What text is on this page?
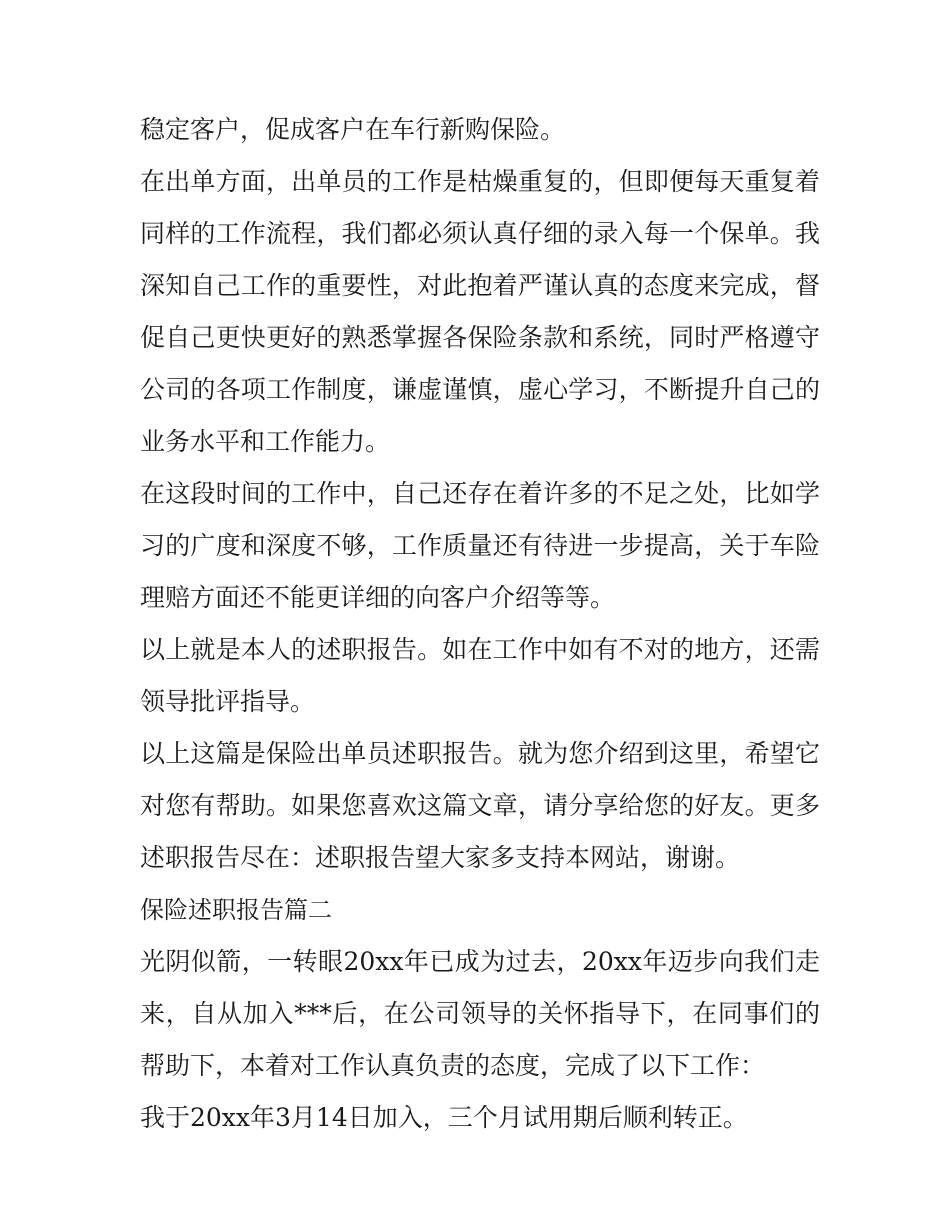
稳定客户，促成客户在车行新购保险。

在出单方面，出单员的工作是枯燥重复的，但即便每天重复着同样的工作流程，我们都必须认真仔细的录入每一个保单。我深知自己工作的重要性，对此抱着严谨认真的态度来完成，督促自己更快更好的熟悉掌握各保险条款和系统，同时严格遵守公司的各项工作制度，谦虚谨慎，虚心学习，不断提升自己的业务水平和工作能力。

在这段时间的工作中，自己还存在着许多的不足之处，比如学习的广度和深度不够，工作质量还有待进一步提高，关于车险理赔方面还不能更详细的向客户介绍等等。

以上就是本人的述职报告。如在工作中如有不对的地方，还需领导批评指导。

以上这篇是保险出单员述职报告。就为您介绍到这里，希望它对您有帮助。如果您喜欢这篇文章，请分享给您的好友。更多述职报告尽在：述职报告望大家多支持本网站，谢谢。

保险述职报告篇二

光阴似箭，一转眼20xx年已成为过去，20xx年迈步向我们走来，自从加入***后，在公司领导的关怀指导下，在同事们的帮助下，本着对工作认真负责的态度，完成了以下工作：

我于20xx年3月14日加入，三个月试用期后顺利转正。
